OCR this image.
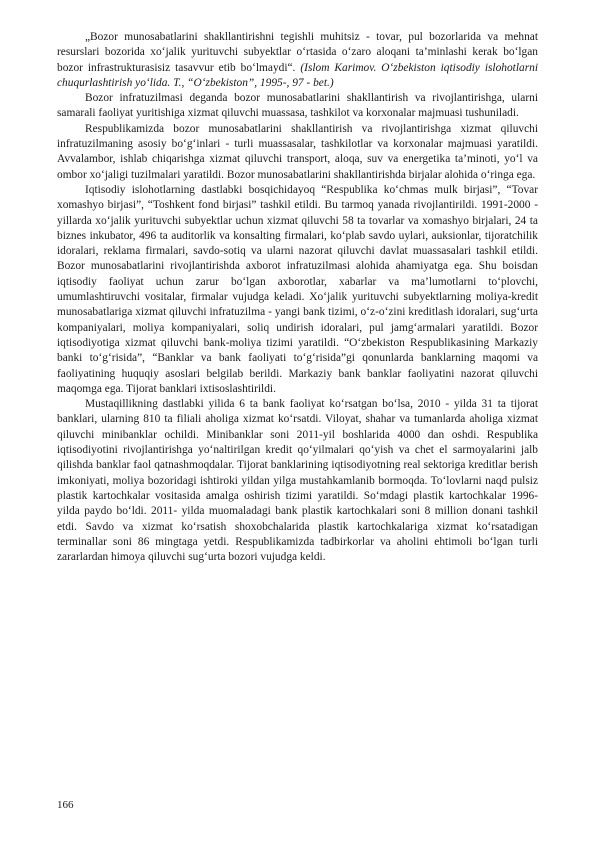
„Bozor munosabatlarini shakllantirishni tegishli muhitsiz - tovar, pul bozorlarida va mehnat resurslari bozorida xo‘jalik yurituvchi subyektlar o‘rtasida o‘zaro aloqani ta’minlashi kerak bo‘lgan bozor infrastrukturasisiz tasavvur etib bo‘lmaydi“. (Islom Karimov. O‘zbekiston iqtisodiy islohotlarni chuqurlashtirish yo‘lida. T., “O‘zbekiston”, 1995-, 97 - bet.)

Bozor infratuzilmasi deganda bozor munosabatlarini shakllantirish va rivojlantirishga, ularni samarali faoliyat yuritishiga xizmat qiluvchi muassasa, tashkilot va korxonalar majmuasi tushuniladi.

Respublikamizda bozor munosabatlarini shakllantirish va rivojlantirishga xizmat qiluvchi infratuzilmaning asosiy bo‘g‘inlari - turli muassasalar, tashkilotlar va korxonalar majmuasi yaratildi. Avvalambor, ishlab chiqarishga xizmat qiluvchi transport, aloqa, suv va energetika ta’minoti, yo‘l va ombor xo‘jaligi tuzilmalari yaratildi. Bozor munosabatlarini shakllantirishda birjalar alohida o‘ringa ega.

Iqtisodiy islohotlarning dastlabki bosqichidayoq “Respublika ko‘chmas mulk birjasi”, “Tovar xomashyo birjasi”, “Toshkent fond birjasi” tashkil etildi. Bu tarmoq yanada rivojlantirildi. 1991-2000 - yillarda xo‘jalik yurituvchi subyektlar uchun xizmat qiluvchi 58 ta tovarlar va xomashyo birjalari, 24 ta biznes inkubator, 496 ta auditorlik va konsalting firmalari, ko‘plab savdo uylari, auksionlar, tijoratchilik idoralari, reklama firmalari, savdo-sotiq va ularni nazorat qiluvchi davlat muassasalari tashkil etildi. Bozor munosabatlarini rivojlantirishda axborot infratuzilmasi alohida ahamiyatga ega. Shu boisdan iqtisodiy faoliyat uchun zarur bo‘lgan axborotlar, xabarlar va ma’lumotlarni to‘plovchi, umumlashtiruvchi vositalar, firmalar vujudga keladi. Xo‘jalik yurituvchi subyektlarning moliya-kredit munosabatlariga xizmat qiluvchi infratuzilma - yangi bank tizimi, o‘z-o‘zini kreditlash idoralari, sug‘urta kompaniyalari, moliya kompaniyalari, soliq undirish idoralari, pul jamg‘armalari yaratildi. Bozor iqtisodiyotiga xizmat qiluvchi bank-moliya tizimi yaratildi. “O‘zbekiston Respublikasining Markaziy banki to‘g‘risida”, “Banklar va bank faoliyati to‘g‘risida”gi qonunlarda banklarning maqomi va faoliyatining huquqiy asoslari belgilab berildi. Markaziy bank banklar faoliyatini nazorat qiluvchi maqomga ega. Tijorat banklari ixtisoslashtirildi.

Mustaqillikning dastlabki yilida 6 ta bank faoliyat ko‘rsatgan bo‘lsa, 2010 - yilda 31 ta tijorat banklari, ularning 810 ta filiali aholiga xizmat ko‘rsatdi. Viloyat, shahar va tumanlarda aholiga xizmat qiluvchi minibanklar ochildi. Minibanklar soni 2011-yil boshlarida 4000 dan oshdi. Respublika iqtisodiyotini rivojlantirishga yo‘naltirilgan kredit qo‘yilmalari qo‘yish va chet el sarmoyalarini jalb qilishda banklar faol qatnashmoqdalar. Tijorat banklarining iqtisodiyotning real sektoriga kreditlar berish imkoniyati, moliya bozoridagi ishtiroki yildan yilga mustahkamlanib bormoqda. To‘lovlarni naqd pulsiz plastik kartochkalar vositasida amalga oshirish tizimi yaratildi. So‘mdagi plastik kartochkalar 1996- yilda paydo bo‘ldi. 2011- yilda muomaladagi bank plastik kartochkalari soni 8 million donani tashkil etdi. Savdo va xizmat ko‘rsatish shoxobchalarida plastik kartochkalariga xizmat ko‘rsatadigan terminallar soni 86 mingtaga yetdi. Respublikamizda tadbirkorlar va aholini ehtimoli bo‘lgan turli zararlardan himoya qiluvchi sug‘urta bozori vujudga keldi.

166
